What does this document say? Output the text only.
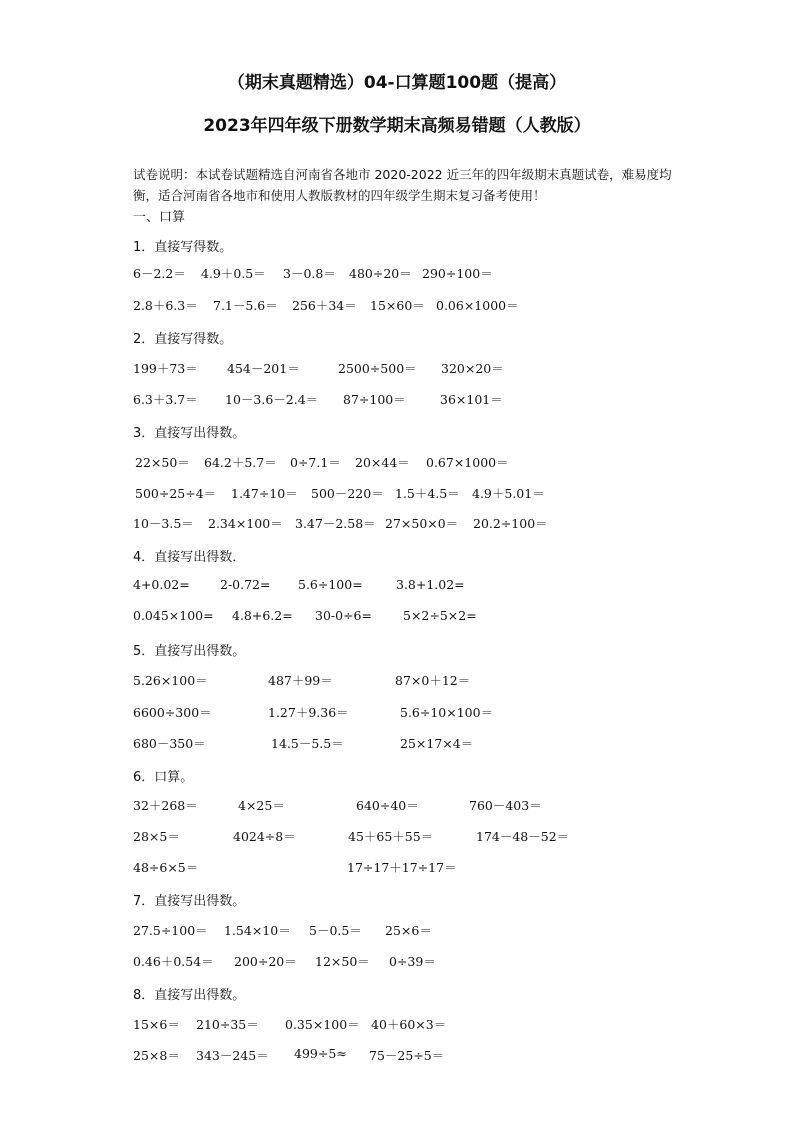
（期末真题精选）04-口算题100题（提高）
2023年四年级下册数学期末高频易错题（人教版）
试卷说明：本试卷试题精选自河南省各地市 2020-2022 近三年的四年级期末真题试卷，难易度均衡，适合河南省各地市和使用人教版教材的四年级学生期末复习备考使用！
一、口算
1．直接写得数。
6－2.2＝ 4.9＋0.5＝ 3－0.8＝ 480÷20＝ 290÷100＝
2.8＋6.3＝ 7.1－5.6＝ 256＋34＝ 15×60＝ 0.06×1000＝
2．直接写得数。
199＋73＝ 454－201＝	2500÷500＝ 320×20＝
6.3＋3.7＝ 10－3.6－2.4＝ 87÷100＝	36×101＝
3．直接写出得数。
22×50＝ 64.2＋5.7＝ 0÷7.1＝ 20×44＝ 0.67×1000＝
500÷25÷4＝ 1.47÷10＝ 500－220＝ 1.5＋4.5＝ 4.9＋5.01＝
10－3.5＝ 2.34×100＝ 3.47－2.58＝ 27×50×0＝ 20.2÷100＝
4．直接写出得数．
4+0.02= 2-0.72= 5.6÷100=	3.8+1.02=
0.045×100= 4.8+6.2= 30-0÷6= 5×2÷5×2=
5．直接写出得数。
5.26×100＝	487＋99＝	87×0＋12＝
6600÷300＝	1.27＋9.36＝	5.6÷10×100＝
680－350＝	14.5－5.5＝	25×17×4＝
6．口算。
32＋268＝	4×25＝	640÷40＝	760－403＝
28×5＝	4024÷8＝	45＋65＋55＝	174－48－52＝
48÷6×5＝	17÷17＋17÷17＝
7．直接写出得数。
27.5÷100＝ 1.54×10＝ 5－0.5＝ 25×6＝
0.46＋0.54＝ 200÷20＝ 12×50＝ 0÷39＝
8．直接写出得数。
15×6＝ 210÷35＝ 0.35×100＝ 40＋60×3＝
25×8＝ 343－245＝ 499÷5≈ 75－25÷5＝
